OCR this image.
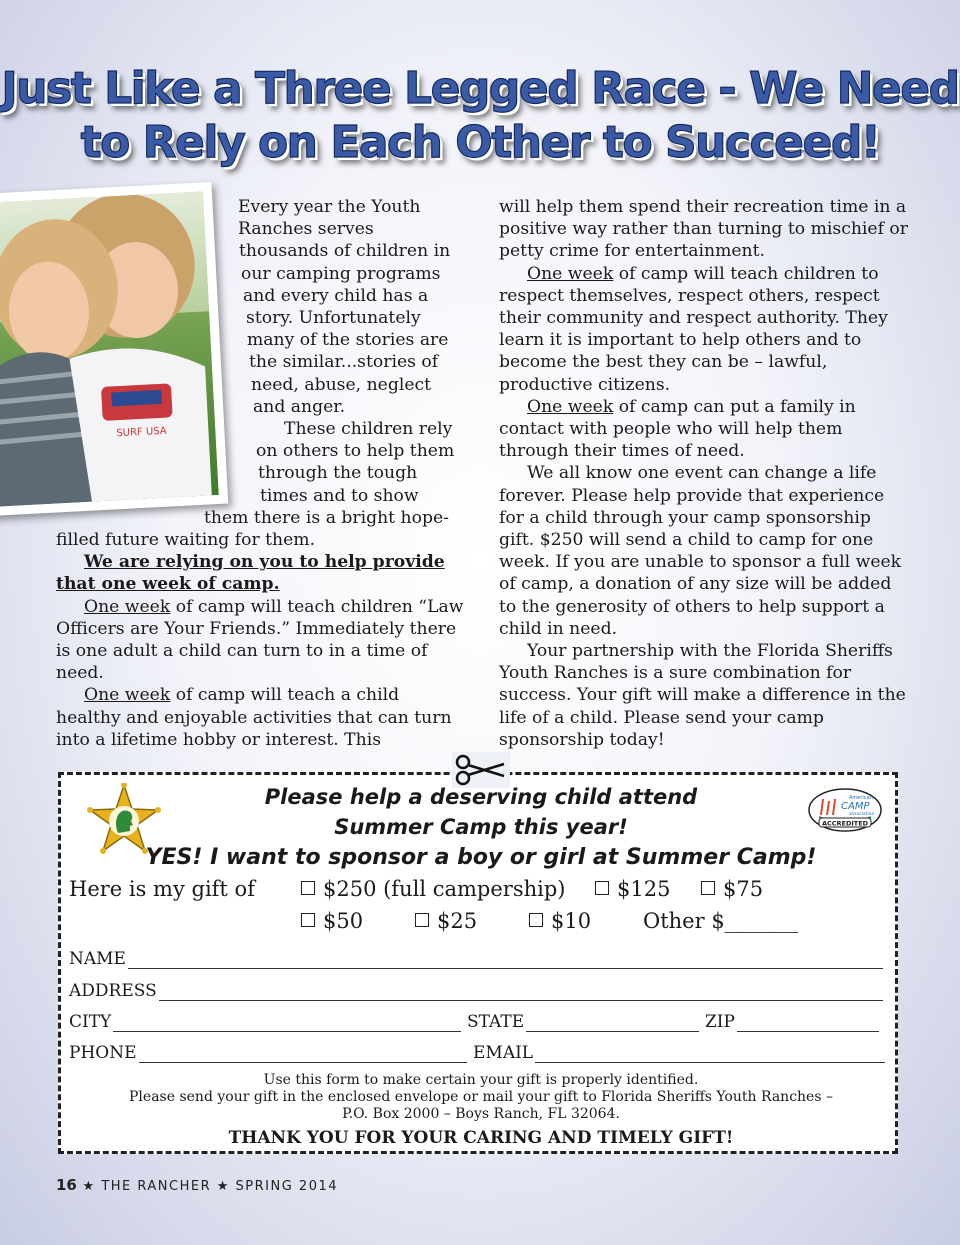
Just Like a Three Legged Race - We Need
to Rely on Each Other to Succeed!
SURF USA
Every year the Youth
Ranches serves
thousands of children in
our camping programs
and every child has a
story. Unfortunately
many of the stories are
the similar...stories of
need, abuse, neglect
and anger.
These children rely
on others to help them
through the tough
times and to show
them there is a bright hope-
filled future waiting for them.
We are relying on you to help provide that one week of camp.
One week of camp will teach children “Law Officers are Your Friends.” Immediately there is one adult a child can turn to in a time of need.
One week of camp will teach a child healthy and enjoyable activities that can turn into a lifetime hobby or interest. This
will help them spend their recreation time in a positive way rather than turning to mischief or petty crime for entertainment.
One week of camp will teach children to respect themselves, respect others, respect their community and respect authority. They learn it is important to help others and to become the best they can be – lawful, productive citizens.
One week of camp can put a family in contact with people who will help them through their times of need.
We all know one event can change a life forever. Please help provide that experience for a child through your camp sponsorship gift. $250 will send a child to camp for one week. If you are unable to sponsor a full week of camp, a donation of any size will be added to the generosity of others to help support a child in need.
Your partnership with the Florida Sheriffs Youth Ranches is a sure combination for success. Your gift will make a difference in the life of a child. Please send your camp sponsorship today!
Please help a deserving child attend
Summer Camp this year!
YES! I want to sponsor a boy or girl at Summer Camp!
American
CAMP
association
ACCREDITED
Here is my gift of	$250 (full campership)	$125	$75
$50	$25	$10 Other $_______
NAME
ADDRESS
CITY	STATE	ZIP
PHONE	EMAIL
Use this form to make certain your gift is properly identified.
Please send your gift in the enclosed envelope or mail your gift to Florida Sheriffs Youth Ranches –
P.O. Box 2000 – Boys Ranch, FL 32064.
THANK YOU FOR YOUR CARING AND TIMELY GIFT!
16 ★ THE RANCHER ★ SPRING 2014
